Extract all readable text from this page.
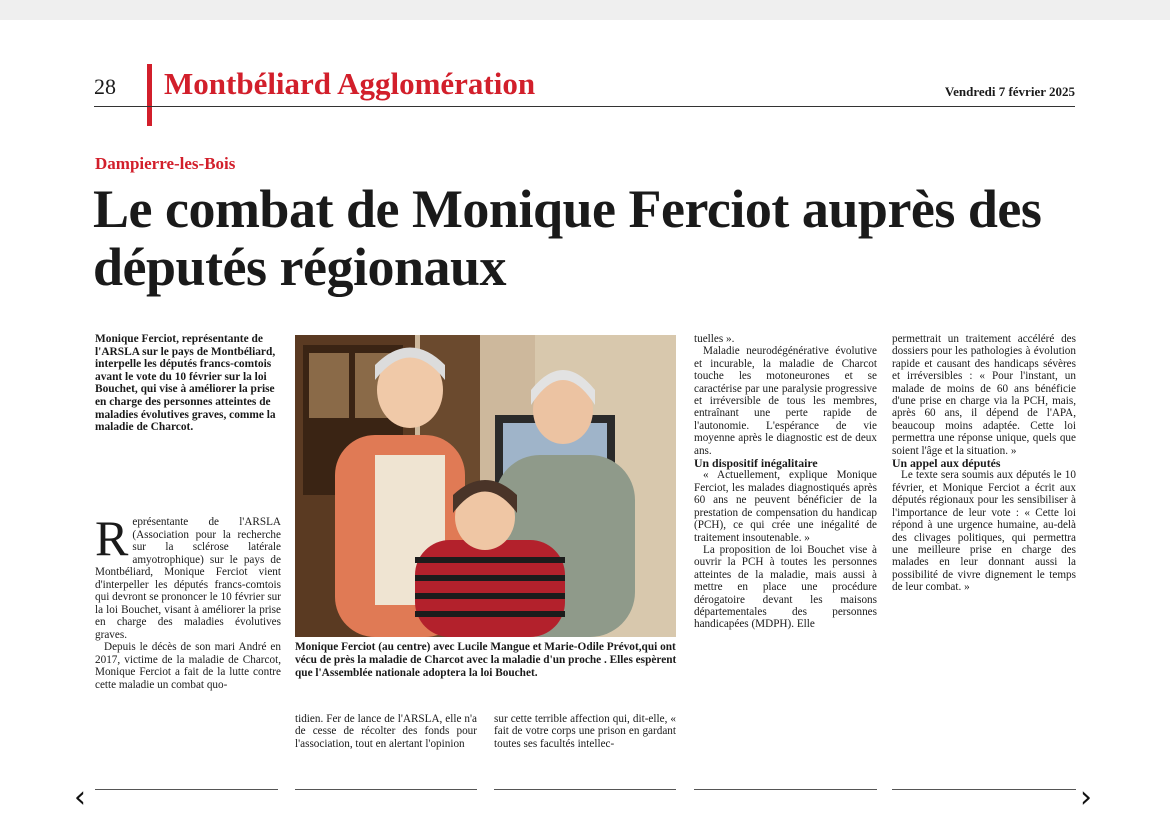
28 Montbéliard Agglomération	Vendredi 7 février 2025
Dampierre-les-Bois
Le combat de Monique Ferciot auprès des députés régionaux
Monique Ferciot, représentante de l'ARSLA sur le pays de Montbéliard, interpelle les députés francs-comtois avant le vote du 10 février sur la loi Bouchet, qui vise à améliorer la prise en charge des personnes atteintes de maladies évolutives graves, comme la maladie de Charcot.

Représentante de l'ARSLA (Association pour la recherche sur la sclérose latérale amyotrophique) sur le pays de Montbéliard, Monique Ferciot vient d'interpeller les députés francs-comtois qui devront se prononcer le 10 février sur la loi Bouchet, visant à améliorer la prise en charge des maladies évolutives graves.

Depuis le décès de son mari André en 2017, victime de la maladie de Charcot, Monique Ferciot a fait de la lutte contre cette maladie un combat quo-

Monique Ferciot (au centre) avec Lucile Mangue et Marie-Odile Prévot,qui ont vécu de près la maladie de Charcot avec la maladie d'un proche . Elles espèrent que l'Assemblée nationale adoptera la loi Bouchet.

tidien. Fer de lance de l'ARSLA, elle n'a de cesse de récolter des fonds pour l'association, tout en alertant l'opinion

sur cette terrible affection qui, dit-elle, « fait de votre corps une prison en gardant toutes ses facultés intellec-

tuelles ».

Maladie neurodégénérative évolutive et incurable, la maladie de Charcot touche les motoneurones et se caractérise par une paralysie progressive et irréversible de tous les membres, entraînant une perte rapide de l'autonomie. L'espérance de vie moyenne après le diagnostic est de deux ans.

Un dispositif inégalitaire

« Actuellement, explique Monique Ferciot, les malades diagnostiqués après 60 ans ne peuvent bénéficier de la prestation de compensation du handicap (PCH), ce qui crée une inégalité de traitement insoutenable. »

La proposition de loi Bouchet vise à ouvrir la PCH à toutes les personnes atteintes de la maladie, mais aussi à mettre en place une procédure dérogatoire devant les maisons départementales des personnes handicapées (MDPH). Elle

permettrait un traitement accéléré des dossiers pour les pathologies à évolution rapide et causant des handicaps sévères et irréversibles : « Pour l'instant, un malade de moins de 60 ans bénéficie d'une prise en charge via la PCH, mais, après 60 ans, il dépend de l'APA, beaucoup moins adaptée. Cette loi permettra une réponse unique, quels que soient l'âge et la situation. »

Un appel aux députés

Le texte sera soumis aux députés le 10 février, et Monique Ferciot a écrit aux députés régionaux pour les sensibiliser à l'importance de leur vote : « Cette loi répond à une urgence humaine, au-delà des clivages politiques, qui permettra une meilleure prise en charge des malades en leur donnant aussi la possibilité de vivre dignement le temps de leur combat. »

‹	›
